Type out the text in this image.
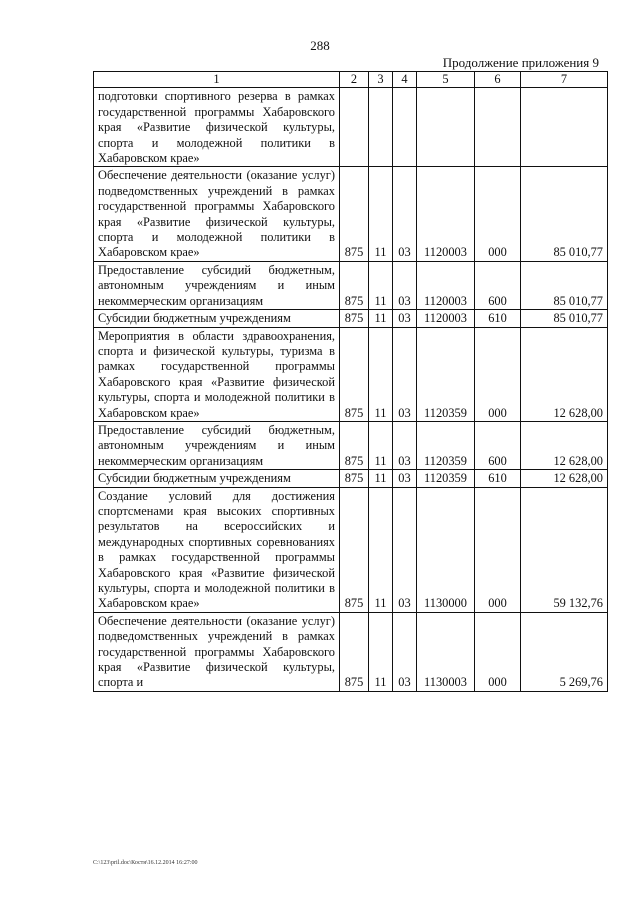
288
Продолжение приложения 9
1	2	3	4	5	6	7
подготовки спортивного резерва в рамках государственной программы Хабаровского края «Развитие физической культуры, спорта и молодежной политики в Хабаровском крае»						
Обеспечение деятельности (оказание услуг) подведомственных учреждений в рамках государственной программы Хабаровского края «Развитие физической культуры, спорта и молодежной политики в Хабаровском крае»	875	11	03	1120003	000	85 010,77
Предоставление субсидий бюджетным, автономным учреждениям и иным некоммерческим организациям	875	11	03	1120003	600	85 010,77
Субсидии бюджетным учреждениям	875	11	03	1120003	610	85 010,77
Мероприятия в области здравоохранения, спорта и физической культуры, туризма в рамках государственной программы Хабаровского края «Развитие физической культуры, спорта и молодежной политики в Хабаровском крае»	875	11	03	1120359	000	12 628,00
Предоставление субсидий бюджетным, автономным учреждениям и иным некоммерческим организациям	875	11	03	1120359	600	12 628,00
Субсидии бюджетным учреждениям	875	11	03	1120359	610	12 628,00
Создание условий для достижения спортсменами края высоких спортивных результатов на всероссийских и международных спортивных соревнованиях в рамках государственной программы Хабаровского края «Развитие физической культуры, спорта и молодежной политики в Хабаровском крае»	875	11	03	1130000	000	59 132,76
Обеспечение деятельности (оказание услуг) подведомственных учреждений в рамках государственной программы Хабаровского края «Развитие физической культуры, спорта и	875	11	03	1130003	000	5 269,76
C:\123\pril.doc\Костя\16.12.2014 16:27:00
